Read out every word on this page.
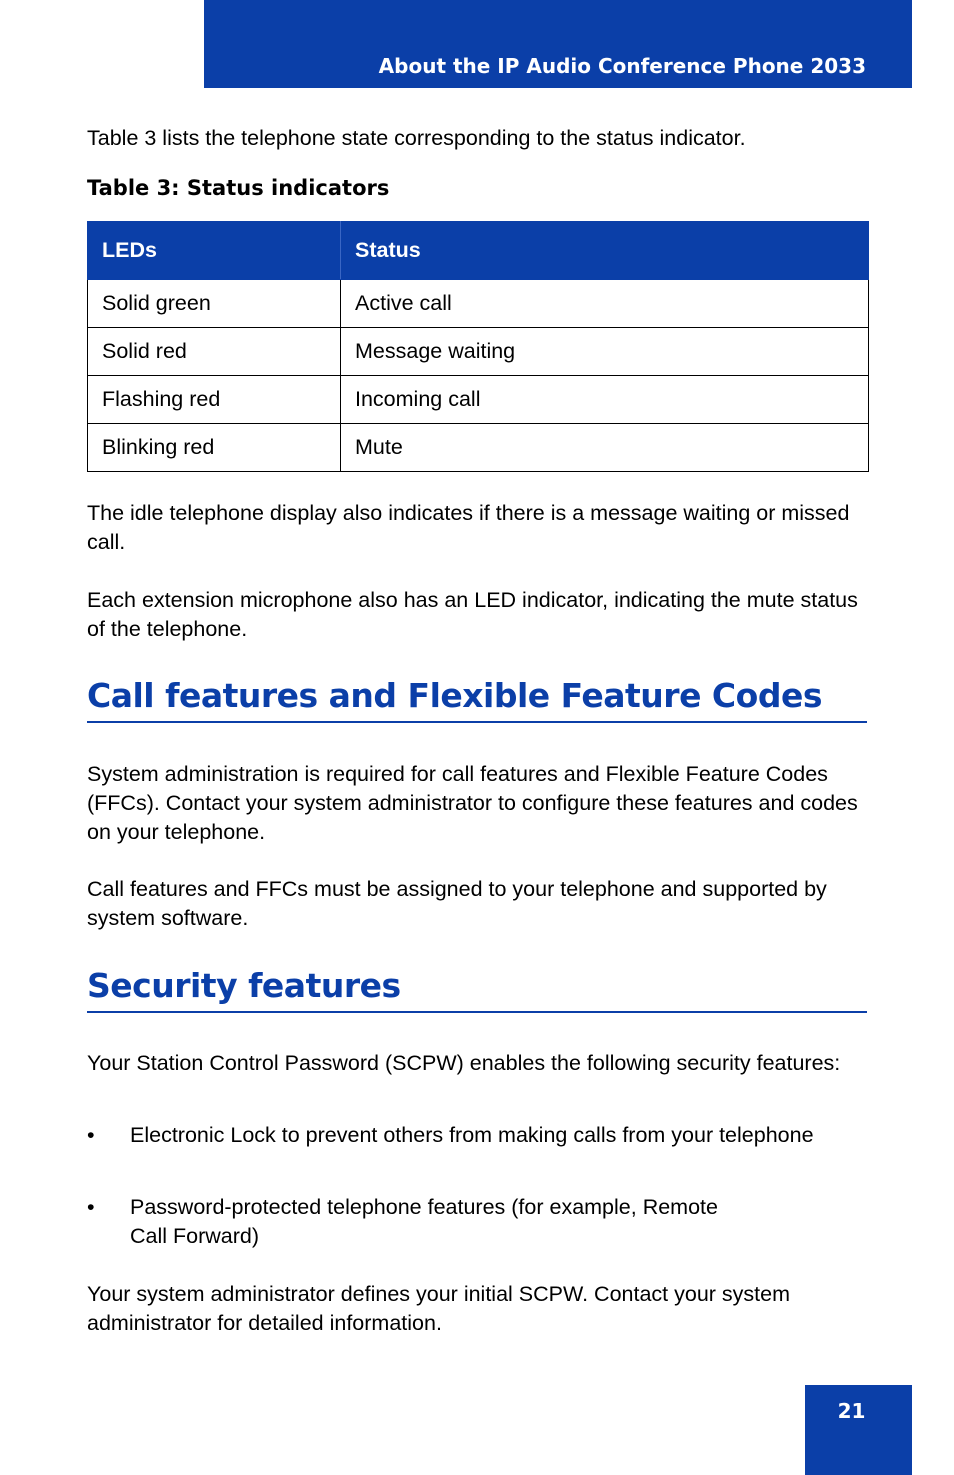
About the IP Audio Conference Phone 2033

Table 3 lists the telephone state corresponding to the status indicator.

Table 3: Status indicators

LEDs	Status
Solid green	Active call
Solid red	Message waiting
Flashing red	Incoming call
Blinking red	Mute

The idle telephone display also indicates if there is a message waiting or missed call.

Each extension microphone also has an LED indicator, indicating the mute status of the telephone.

Call features and Flexible Feature Codes

System administration is required for call features and Flexible Feature Codes (FFCs). Contact your system administrator to configure these features and codes on your telephone.

Call features and FFCs must be assigned to your telephone and supported by system software.

Security features

Your Station Control Password (SCPW) enables the following security features:

• Electronic Lock to prevent others from making calls from your telephone
• Password-protected telephone features (for example, Remote Call Forward)

Your system administrator defines your initial SCPW. Contact your system administrator for detailed information.

21
